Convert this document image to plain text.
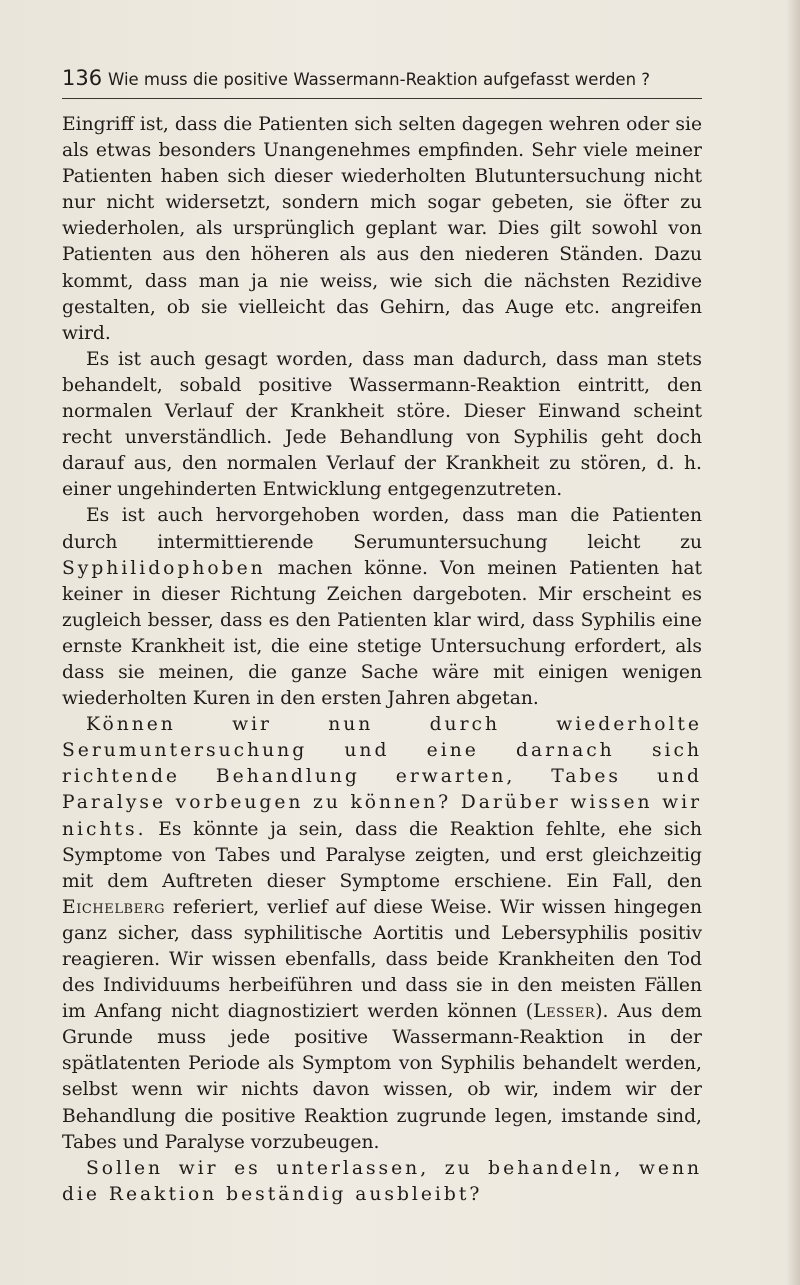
136 Wie muss die positive Wassermann-Reaktion aufgefasst werden ?

Eingriff ist, dass die Patienten sich selten dagegen wehren oder sie als etwas besonders Unangenehmes empfinden. Sehr viele meiner Patienten haben sich dieser wiederholten Blutuntersuchung nicht nur nicht widersetzt, sondern mich sogar gebeten, sie öfter zu wiederholen, als ursprünglich geplant war. Dies gilt sowohl von Patienten aus den höheren als aus den niederen Ständen. Dazu kommt, dass man ja nie weiss, wie sich die nächsten Rezidive gestalten, ob sie vielleicht das Gehirn, das Auge etc. angreifen wird.

Es ist auch gesagt worden, dass man dadurch, dass man stets behandelt, sobald positive Wassermann-Reaktion eintritt, den normalen Verlauf der Krankheit störe. Dieser Einwand scheint recht unverständlich. Jede Behandlung von Syphilis geht doch darauf aus, den normalen Verlauf der Krankheit zu stören, d. h. einer ungehinderten Entwicklung entgegenzutreten.

Es ist auch hervorgehoben worden, dass man die Patienten durch intermittierende Serumuntersuchung leicht zu Syphilidophoben machen könne. Von meinen Patienten hat keiner in dieser Richtung Zeichen dargeboten. Mir erscheint es zugleich besser, dass es den Patienten klar wird, dass Syphilis eine ernste Krankheit ist, die eine stetige Untersuchung erfordert, als dass sie meinen, die ganze Sache wäre mit einigen wenigen wiederholten Kuren in den ersten Jahren abgetan.

Können wir nun durch wiederholte Serumuntersuchung und eine darnach sich richtende Behandlung erwarten, Tabes und Paralyse vorbeugen zu können? Darüber wissen wir nichts. Es könnte ja sein, dass die Reaktion fehlte, ehe sich Symptome von Tabes und Paralyse zeigten, und erst gleichzeitig mit dem Auftreten dieser Symptome erschiene. Ein Fall, den Eichelberg referiert, verlief auf diese Weise. Wir wissen hingegen ganz sicher, dass syphilitische Aortitis und Lebersyphilis positiv reagieren. Wir wissen ebenfalls, dass beide Krankheiten den Tod des Individuums herbeiführen und dass sie in den meisten Fällen im Anfang nicht diagnostiziert werden können (Lesser). Aus dem Grunde muss jede positive Wassermann-Reaktion in der spätlatenten Periode als Symptom von Syphilis behandelt werden, selbst wenn wir nichts davon wissen, ob wir, indem wir der Behandlung die positive Reaktion zugrunde legen, imstande sind, Tabes und Paralyse vorzubeugen.

Sollen wir es unterlassen, zu behandeln, wenn die Reaktion beständig ausbleibt?
